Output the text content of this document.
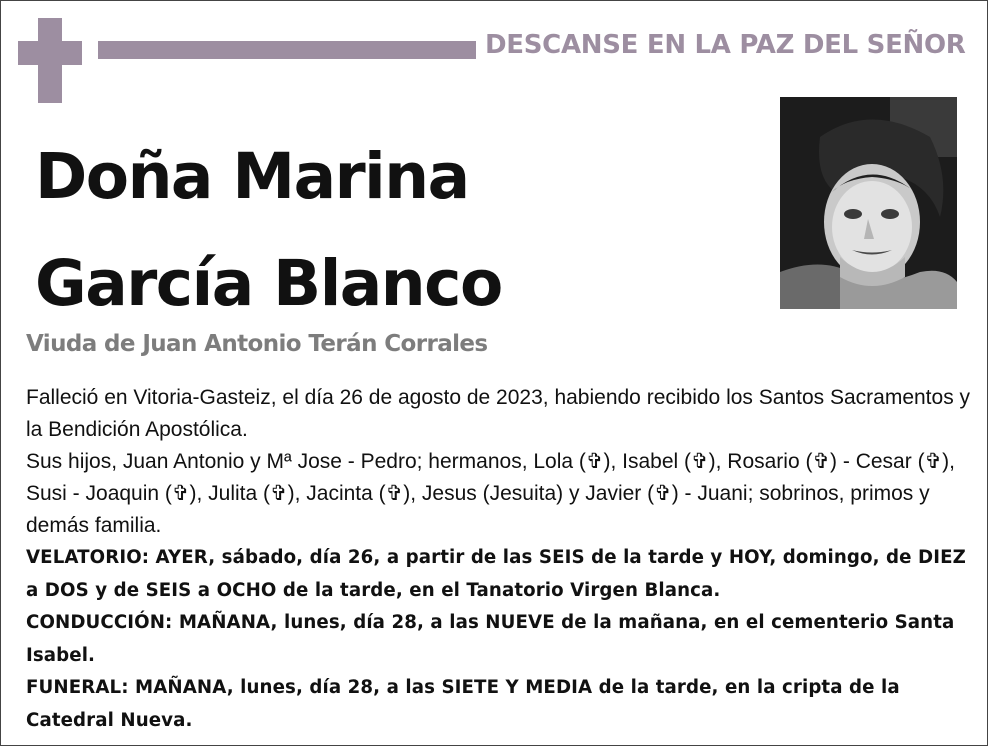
DESCANSE EN LA PAZ DEL SEÑOR
Doña Marina
García Blanco
Viuda de Juan Antonio Terán Corrales

Falleció en Vitoria-Gasteiz, el día 26 de agosto de 2023, habiendo recibido los Santos Sacramentos y la Bendición Apostólica.

Sus hijos, Juan Antonio y Mª Jose - Pedro; hermanos, Lola (✞), Isabel (✞), Rosario (✞) - Cesar (✞), Susi - Joaquin (✞), Julita (✞), Jacinta (✞), Jesus (Jesuita) y Javier (✞) - Juani; sobrinos, primos y demás familia.

VELATORIO: AYER, sábado, día 26, a partir de las SEIS de la tarde y HOY, domingo, de DIEZ a DOS y de SEIS a OCHO de la tarde, en el Tanatorio Virgen Blanca.

CONDUCCIÓN: MAÑANA, lunes, día 28, a las NUEVE de la mañana, en el cementerio Santa Isabel.

FUNERAL: MAÑANA, lunes, día 28, a las SIETE Y MEDIA de la tarde, en la cripta de la Catedral Nueva.
